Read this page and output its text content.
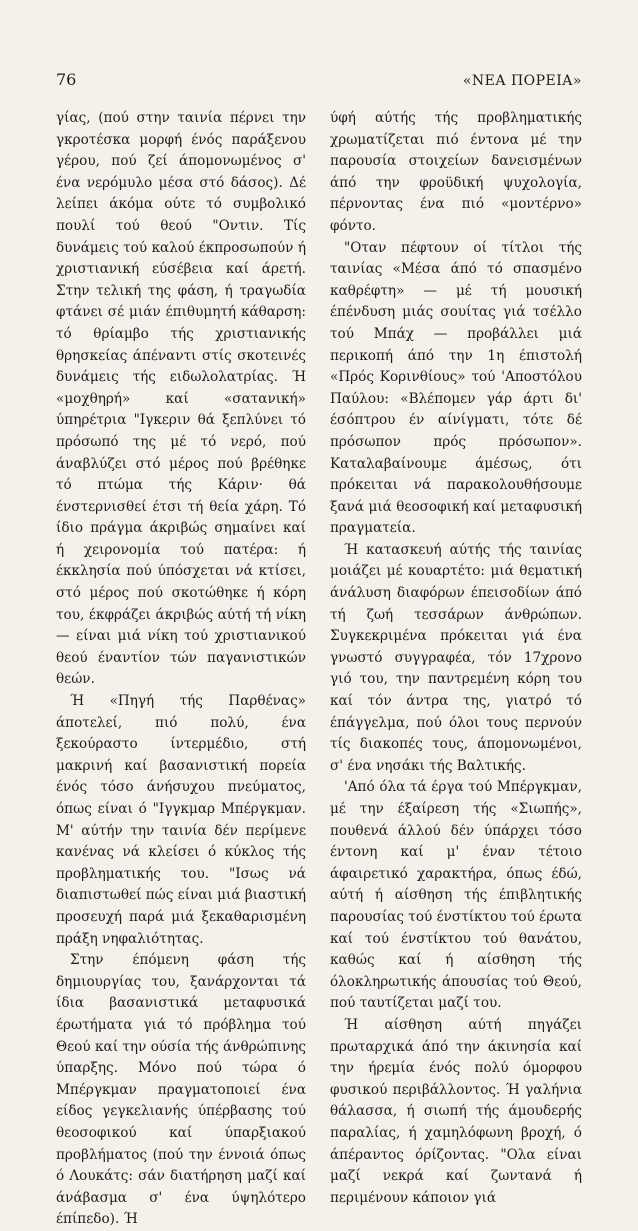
76	«ΝΕΑ ΠΟΡΕΙΑ»

γίας, (πού στην ταινία πέρνει την γκροτέσκα μορφή ένός παράξενου γέρου, πού ζεί άπομονωμένος σ' ένα νερόμυλο μέσα στό δάσος). Δέ λείπει άκόμα ούτε τό συμβολικό πουλί τού θεού "Οντιν. Τίς δυνάμεις τού καλού έκπροσωπούν ή χριστιανική εύσέβεια καί άρετή. Στην τελική της φάση, ή τραγωδία φτάνει σέ μιάν έπιθυμητή κάθαρση: τό θρίαμβο τής χριστιανικής θρησκείας άπέναντι στίς σκοτεινές δυνάμεις τής ειδωλολατρίας. Ή «μοχθηρή» καί «σατανική» ύπηρέτρια "Ιγκεριν θά ξεπλύνει τό πρόσωπό της μέ τό νερό, πού άναβλύζει στό μέρος πού βρέθηκε τό πτώμα τής Κάριν· θά ένστερνισθεί έτσι τή θεία χάρη. Τό ίδιο πράγμα άκριβώς σημαίνει καί ή χειρονομία τού πατέρα: ή έκκλησία πού ύπόσχεται νά κτίσει, στό μέρος πού σκοτώθηκε ή κόρη του, έκφράζει άκριβώς αύτή τή νίκη — είναι μιά νίκη τού χριστιανικού θεού έναντίον τών παγανιστικών θεών.

Ή «Πηγή τής Παρθένας» άποτελεί, πιό πολύ, ένα ξεκούραστο ίντερμέδιο, στή μακρινή καί βασανιστική πορεία ένός τόσο άνήσυχου πνεύματος, όπως είναι ό "Ιγγκμαρ Μπέργκμαν. Μ' αύτήν την ταινία δέν περίμενε κανένας νά κλείσει ό κύκλος τής προβληματικής του. "Ισως νά διαπιστωθεί πώς είναι μιά βιαστική προσευχή παρά μιά ξεκαθαρισμένη πράξη νηφαλιότητας.

Στην έπόμενη φάση τής δημιουργίας του, ξανάρχονται τά ίδια βασανιστικά μεταφυσικά έρωτήματα γιά τό πρόβλημα τού Θεού καί την ούσία τής άνθρώπινης ύπαρξης. Μόνο πού τώρα ό Μπέργκμαν πραγματοποιεί ένα είδος γεγκελιανής ύπέρβασης τού θεοσοφικού καί ύπαρξιακού προβλήματος (πού την έννοιά όπως ό Λουκάτς: σάν διατήρηση μαζί καί άνάβασμα σ' ένα ύψηλότερο έπίπεδο). Ή

ύφή αύτής τής προβληματικής χρωματίζεται πιό έντονα μέ την παρουσία στοιχείων δανεισμένων άπό την φροϋδική ψυχολογία, πέρνοντας ένα πιό «μοντέρνο» φόντο.

"Οταν πέφτουν οί τίτλοι τής ταινίας «Μέσα άπό τό σπασμένο καθρέφτη» — μέ τή μουσική έπένδυση μιάς σουίτας γιά τσέλλο τού Μπάχ — προβάλλει μιά περικοπή άπό την 1η έπιστολή «Πρός Κορινθίους» τού 'Αποστόλου Παύλου: «Βλέπομεν γάρ άρτι δι' έσόπτρου έν αίνίγματι, τότε δέ πρόσωπον πρός πρόσωπον». Καταλαβαίνουμε άμέσως, ότι πρόκειται νά παρακολουθήσουμε ξανά μιά θεοσοφική καί μεταφυσική πραγματεία.

Ή κατασκευή αύτής τής ταινίας μοιάζει μέ κουαρτέτο: μιά θεματική άνάλυση διαφόρων έπεισοδίων άπό τή ζωή τεσσάρων άνθρώπων. Συγκεκριμένα πρόκειται γιά ένα γνωστό συγγραφέα, τόν 17χρονο γιό του, την παντρεμένη κόρη του καί τόν άντρα της, γιατρό τό έπάγγελμα, πού όλοι τους περνούν τίς διακοπές τους, άπομονωμένοι, σ' ένα νησάκι τής Βαλτικής.

'Από όλα τά έργα τού Μπέργκμαν, μέ την έξαίρεση τής «Σιωπής», πουθενά άλλού δέν ύπάρχει τόσο έντονη καί μ' έναν τέτοιο άφαιρετικό χαρακτήρα, όπως έδώ, αύτή ή αίσθηση τής έπιβλητικής παρουσίας τού ένστίκτου τού έρωτα καί τού ένστίκτου τού θανάτου, καθώς καί ή αίσθηση τής όλοκληρωτικής άπουσίας τού Θεού, πού ταυτίζεται μαζί του.

Ή αίσθηση αύτή πηγάζει πρωταρχικά άπό την άκινησία καί την ήρεμία ένός πολύ όμορφου φυσικού περιβάλλοντος. Ή γαλήνια θάλασσα, ή σιωπή τής άμουδερής παραλίας, ή χαμηλόφωνη βροχή, ό άπέραντος όρίζοντας. "Ολα είναι μαζί νεκρά καί ζωντανά ή περιμένουν κάποιον γιά
